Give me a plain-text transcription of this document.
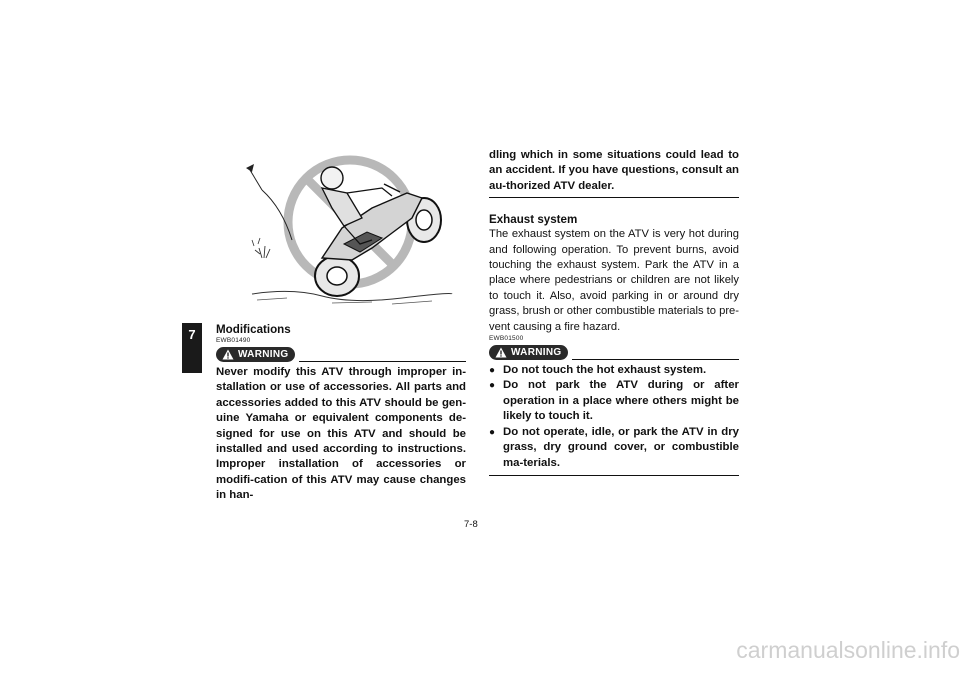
7 Modifications
EWB01490
WARNING
Never modify this ATV through improper in-stallation or use of accessories. All parts and accessories added to this ATV should be gen-uine Yamaha or equivalent components de-signed for use on this ATV and should be installed and used according to instructions. Improper installation of accessories or modifi-cation of this ATV may cause changes in han-
dling which in some situations could lead to an accident. If you have questions, consult an au-thorized ATV dealer.
Exhaust system
The exhaust system on the ATV is very hot during and following operation. To prevent burns, avoid touching the exhaust system. Park the ATV in a place where pedestrians or children are not likely to touch it. Also, avoid parking in or around dry grass, brush or other combustible materials to pre-vent causing a fire hazard.
EWB01500
WARNING
● Do not touch the hot exhaust system.
● Do not park the ATV during or after operation in a place where others might be likely to touch it.
● Do not operate, idle, or park the ATV in dry grass, dry ground cover, or combustible ma-terials.
7-8
carmanualsonline.info
